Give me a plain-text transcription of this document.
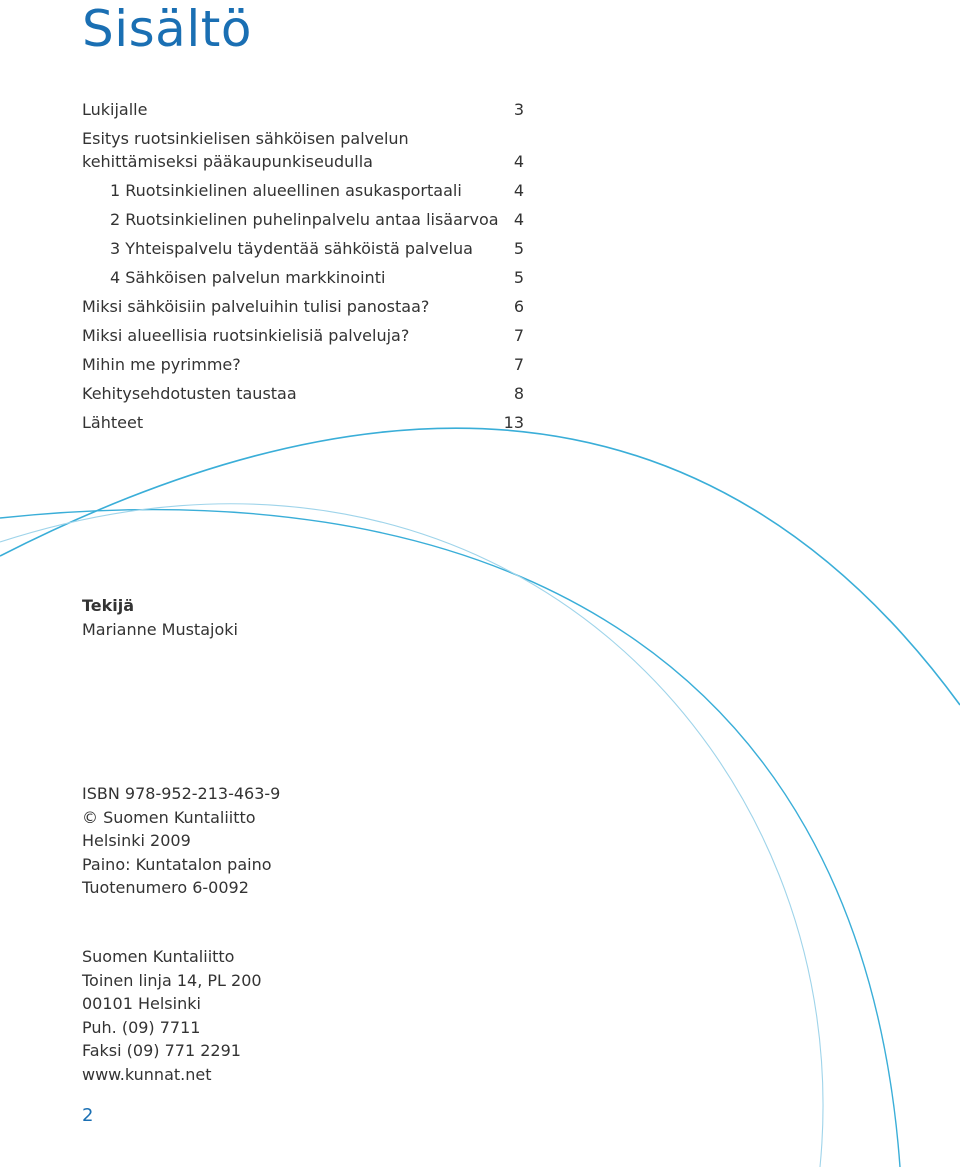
Sisältö
Lukijalle	3
Esitys ruotsinkielisen sähköisen palvelun
kehittämiseksi pääkaupunkiseudulla	4
1 Ruotsinkielinen alueellinen asukasportaali	4
2 Ruotsinkielinen puhelinpalvelu antaa lisäarvoa 4
3 Yhteispalvelu täydentää sähköistä palvelua	5
4 Sähköisen palvelun markkinointi	5
Miksi sähköisiin palveluihin tulisi panostaa?	6
Miksi alueellisia ruotsinkielisiä palveluja?	7
Mihin me pyrimme?	7
Kehitysehdotusten taustaa	8
Lähteet	13
Tekijä
Marianne Mustajoki
ISBN 978-952-213-463-9
© Suomen Kuntaliitto
Helsinki 2009
Paino: Kuntatalon paino
Tuotenumero 6-0092
Suomen Kuntaliitto
Toinen linja 14, PL 200
00101 Helsinki
Puh. (09) 7711
Faksi (09) 771 2291
www.kunnat.net
2
